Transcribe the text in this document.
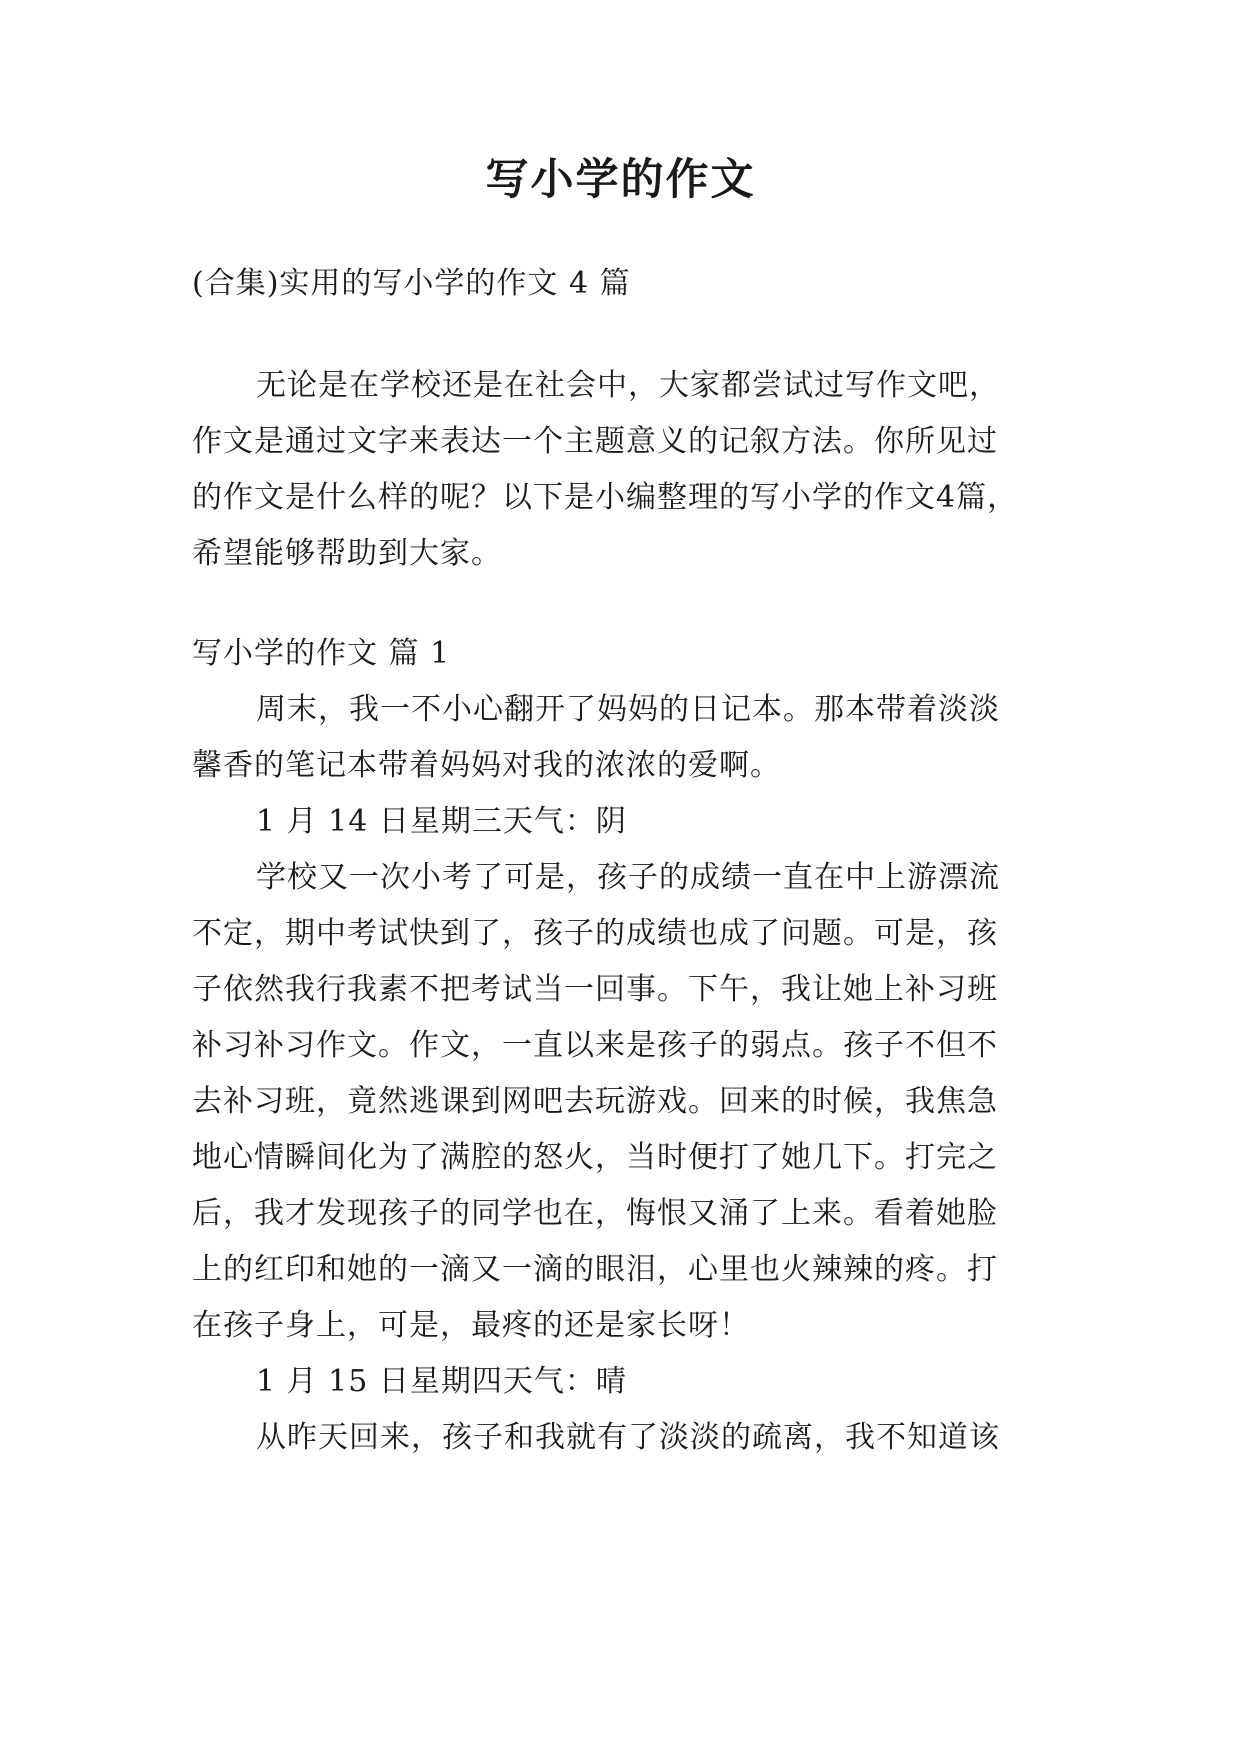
写小学的作文
(合集)实用的写小学的作文 4 篇
无论是在学校还是在社会中，大家都尝试过写作文吧，
作文是通过文字来表达一个主题意义的记叙方法。你所见过
的作文是什么样的呢？以下是小编整理的写小学的作文4篇，
希望能够帮助到大家。
写小学的作文 篇 1
周末，我一不小心翻开了妈妈的日记本。那本带着淡淡
馨香的笔记本带着妈妈对我的浓浓的爱啊。
1 月 14 日星期三天气：阴
学校又一次小考了可是，孩子的成绩一直在中上游漂流
不定，期中考试快到了，孩子的成绩也成了问题。可是，孩
子依然我行我素不把考试当一回事。下午，我让她上补习班
补习补习作文。作文，一直以来是孩子的弱点。孩子不但不
去补习班，竟然逃课到网吧去玩游戏。回来的时候，我焦急
地心情瞬间化为了满腔的怒火，当时便打了她几下。打完之
后，我才发现孩子的同学也在，悔恨又涌了上来。看着她脸
上的红印和她的一滴又一滴的眼泪，心里也火辣辣的疼。打
在孩子身上，可是，最疼的还是家长呀！
1 月 15 日星期四天气：晴
从昨天回来，孩子和我就有了淡淡的疏离，我不知道该
